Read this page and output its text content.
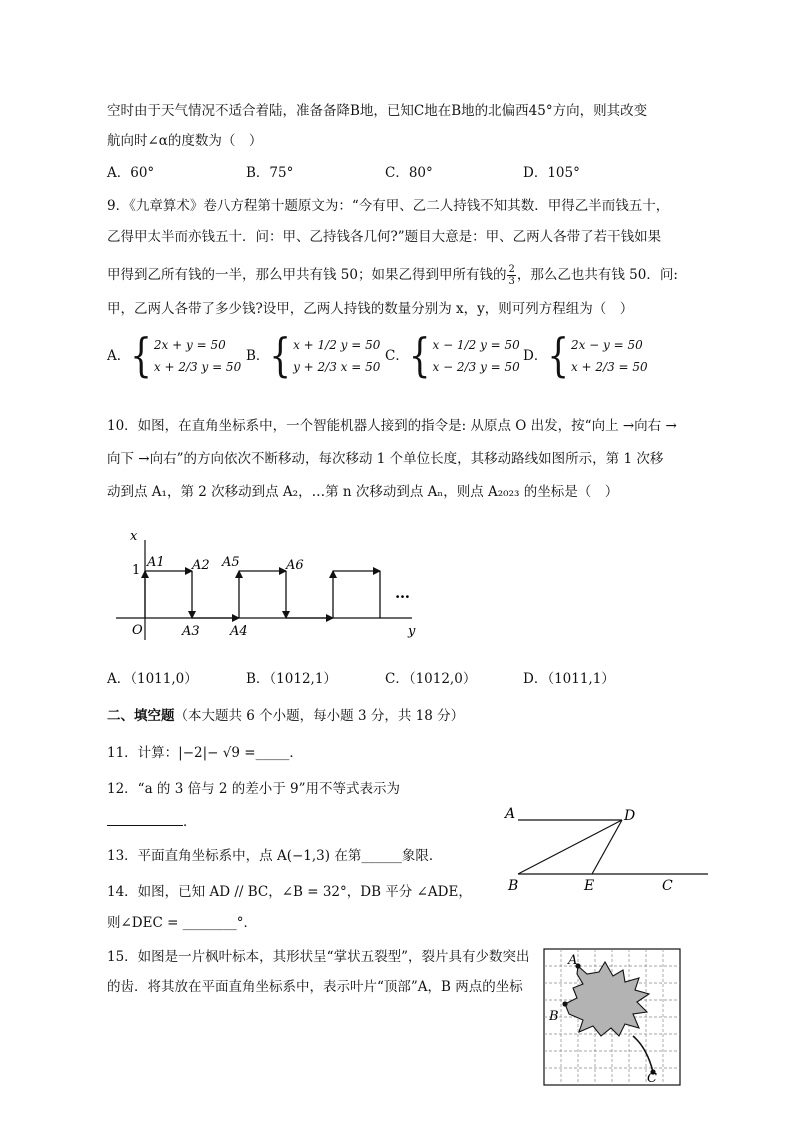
空时由于天气情况不适合着陆，准备备降B地，已知C地在B地的北偏西45°方向，则其改变
航向时∠α的度数为（　）
A．60°	B．75°	C．80°	D．105°
9．《九章算术》卷八方程第十题原文为：“今有甲、乙二人持钱不知其数．甲得乙半而钱五十，
乙得甲太半而亦钱五十．问：甲、乙持钱各几何?”题目大意是：甲、乙两人各带了若干钱如果
甲得到乙所有钱的一半，那么甲共有钱 50；如果乙得到甲所有钱的 $\frac{2}{3}$ ，那么乙也共有钱 50．问:
甲，乙两人各带了多少钱?设甲，乙两人持钱的数量分别为 x，y，则可列方程组为（　）
A． { 2x + y = 50
x + 2/3 y = 50
B． { x + 1/2 y = 50
y + 2/3 x = 50
C． { x − 1/2 y = 50
x − 2/3 y = 50
D． { 2x − y = 50
x + 2/3 = 50
10．如图，在直角坐标系中，一个智能机器人接到的指令是: 从原点 O 出发，按“向上 →向右 →
向下 →向右”的方向依次不断移动，每次移动 1 个单位长度，其移动路线如图所示，第 1 次移
动到点 A₁，第 2 次移动到点 A₂，…第 n 次移动到点 Aₙ，则点 A₂₀₂₃ 的坐标是（　）
x
y
O
1
…
A1 A2
A3 A4
A5	A6
A．（1011,0）	B．（1012,1）	C．（1012,0）	D．（1011,1）
二、填空题（本大题共 6 个小题，每小题 3 分，共 18 分）
11．计算：|−2|− √9 =_____．
12．“a 的 3 倍与 2 的差小于 9”用不等式表示为
．
13．平面直角坐标系中，点 A(−1,3) 在第______象限．
14．如图，已知 AD // BC，∠B = 32°，DB 平分 ∠ADE，
则∠DEC = ________°．
A	D
B	E	C
15．如图是一片枫叶标本，其形状呈“掌状五裂型”，裂片具有少数突出
的齿．将其放在平面直角坐标系中，表示叶片“顶部”A，B 两点的坐标
A
B
C
